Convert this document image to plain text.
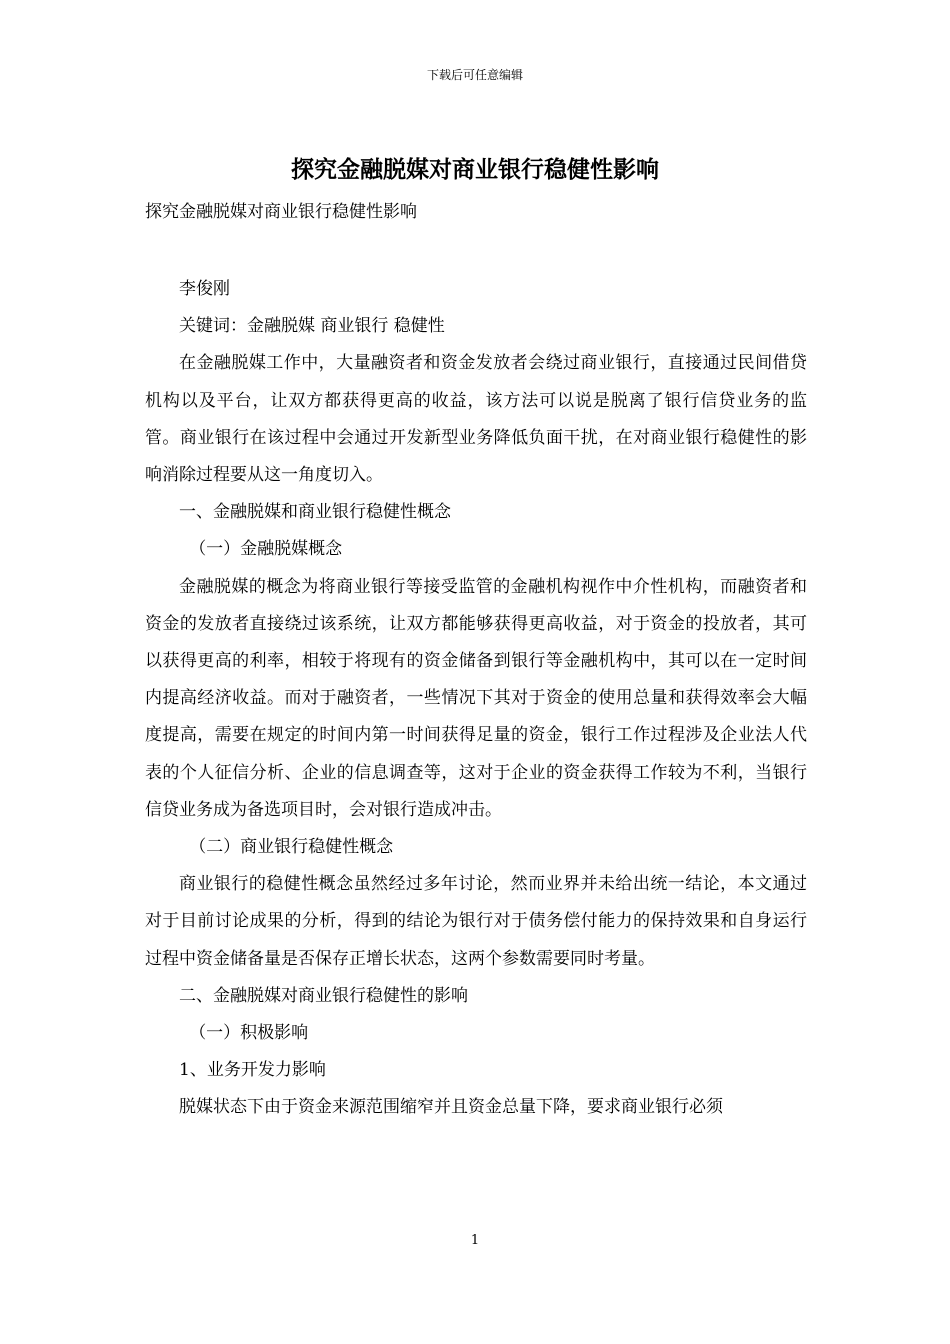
下载后可任意编辑
探究金融脱媒对商业银行稳健性影响
探究金融脱媒对商业银行稳健性影响

李俊刚

关键词：金融脱媒 商业银行 稳健性

在金融脱媒工作中，大量融资者和资金发放者会绕过商业银行，直接通过民间借贷机构以及平台，让双方都获得更高的收益，该方法可以说是脱离了银行信贷业务的监管。商业银行在该过程中会通过开发新型业务降低负面干扰，在对商业银行稳健性的影响消除过程要从这一角度切入。

一、金融脱媒和商业银行稳健性概念

（一）金融脱媒概念

金融脱媒的概念为将商业银行等接受监管的金融机构视作中介性机构，而融资者和资金的发放者直接绕过该系统，让双方都能够获得更高收益，对于资金的投放者，其可以获得更高的利率，相较于将现有的资金储备到银行等金融机构中，其可以在一定时间内提高经济收益。而对于融资者，一些情况下其对于资金的使用总量和获得效率会大幅度提高，需要在规定的时间内第一时间获得足量的资金，银行工作过程涉及企业法人代表的个人征信分析、企业的信息调查等，这对于企业的资金获得工作较为不利，当银行信贷业务成为备选项目时，会对银行造成冲击。

（二）商业银行稳健性概念

商业银行的稳健性概念虽然经过多年讨论，然而业界并未给出统一结论，本文通过对于目前讨论成果的分析，得到的结论为银行对于债务偿付能力的保持效果和自身运行过程中资金储备量是否保存正增长状态，这两个参数需要同时考量。

二、金融脱媒对商业银行稳健性的影响

（一）积极影响

1、业务开发力影响

脱媒状态下由于资金来源范围缩窄并且资金总量下降，要求商业银行必须

1
